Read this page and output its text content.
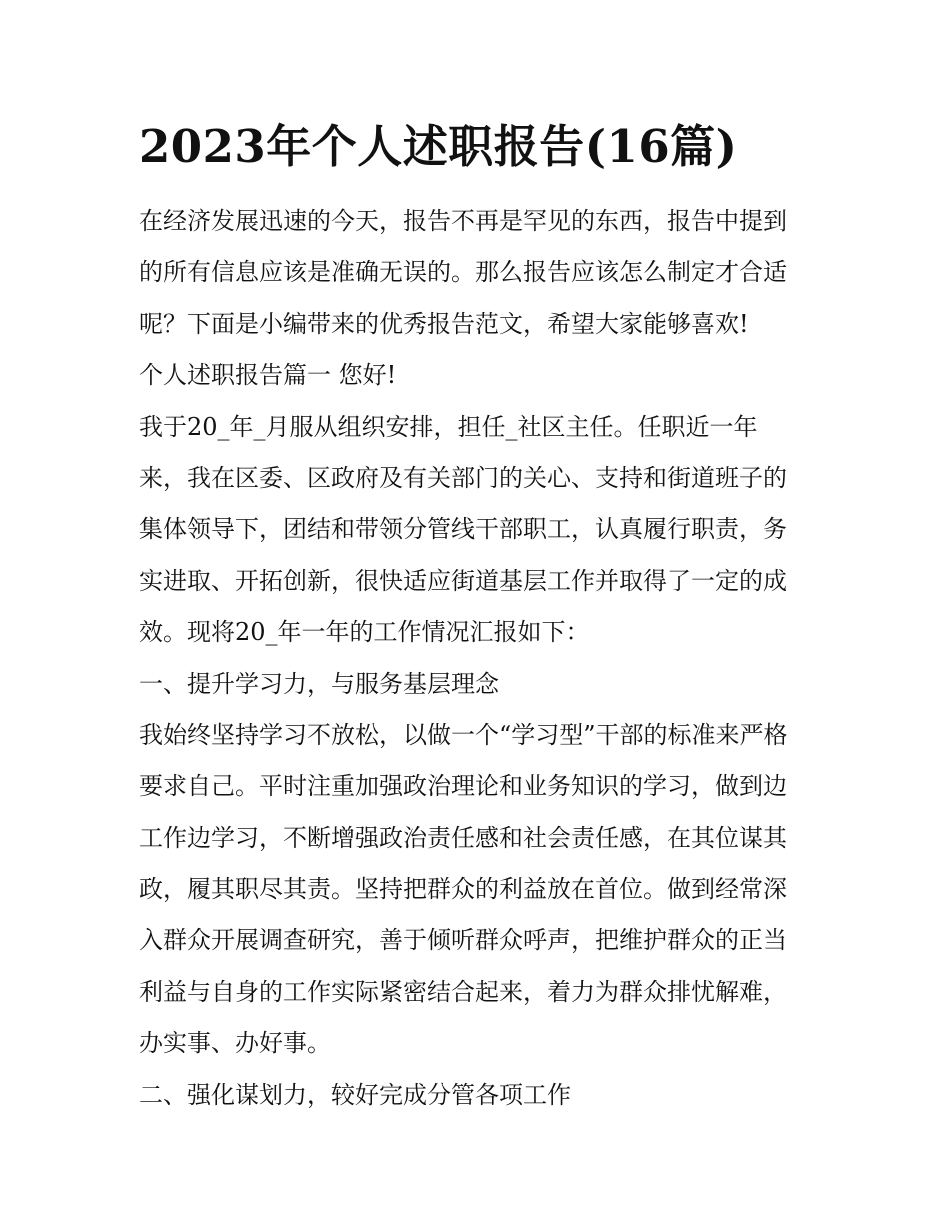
2023年个人述职报告(16篇)

在经济发展迅速的今天，报告不再是罕见的东西，报告中提到

的所有信息应该是准确无误的。那么报告应该怎么制定才合适

呢？下面是小编带来的优秀报告范文，希望大家能够喜欢!

个人述职报告篇一 您好!

我于20_年_月服从组织安排，担任_社区主任。任职近一年

来，我在区委、区政府及有关部门的关心、支持和街道班子的

集体领导下，团结和带领分管线干部职工，认真履行职责，务

实进取、开拓创新，很快适应街道基层工作并取得了一定的成

效。现将20_年一年的工作情况汇报如下：

一、提升学习力，与服务基层理念

我始终坚持学习不放松，以做一个“学习型”干部的标准来严格

要求自己。平时注重加强政治理论和业务知识的学习，做到边

工作边学习，不断增强政治责任感和社会责任感，在其位谋其

政，履其职尽其责。坚持把群众的利益放在首位。做到经常深

入群众开展调查研究，善于倾听群众呼声，把维护群众的正当

利益与自身的工作实际紧密结合起来，着力为群众排忧解难，

办实事、办好事。

二、强化谋划力，较好完成分管各项工作
